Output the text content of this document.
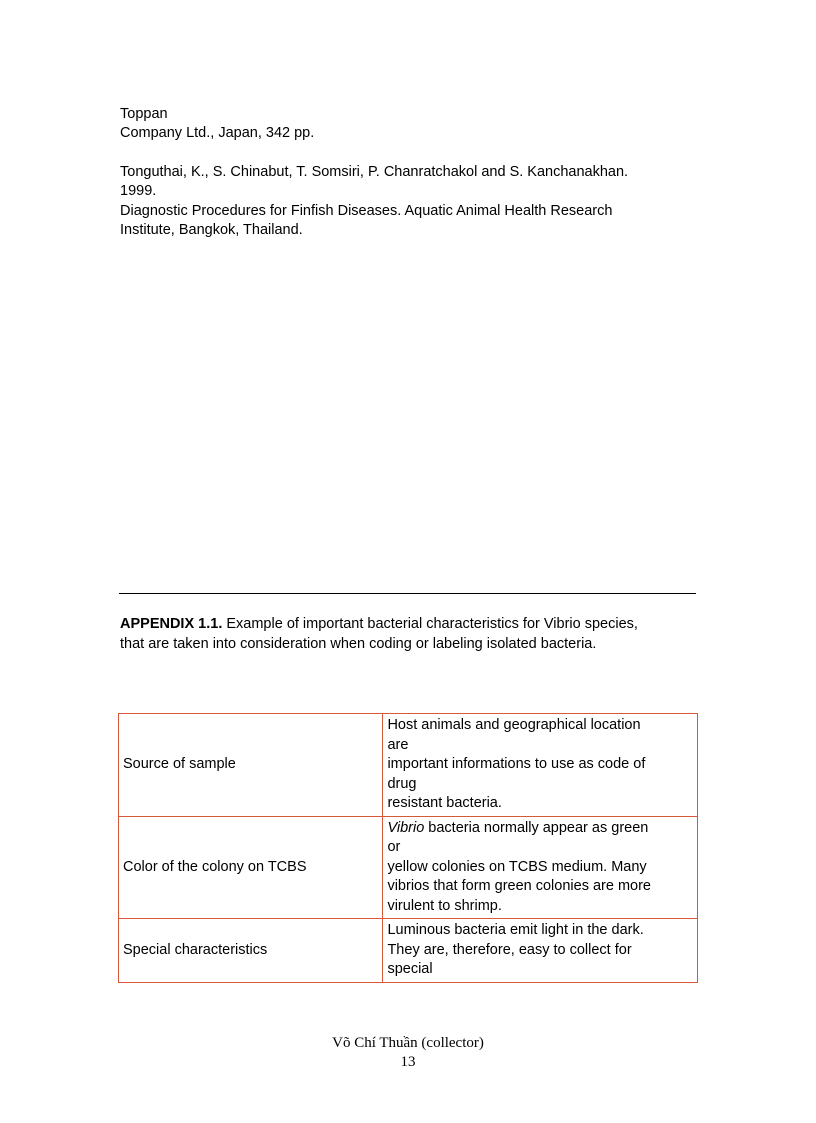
Toppan
Company Ltd., Japan, 342 pp.
Tonguthai, K., S. Chinabut, T. Somsiri, P. Chanratchakol and S. Kanchanakhan.
1999.
Diagnostic Procedures for Finfish Diseases. Aquatic Animal Health Research
Institute, Bangkok, Thailand.
APPENDIX 1.1. Example of important bacterial characteristics for Vibrio species,
that are taken into consideration when coding or labeling isolated bacteria.
Source of sample	Host animals and geographical location
are
important informations to use as code of
drug
resistant bacteria.

Color of the colony on TCBS	Vibrio bacteria normally appear as green
or
yellow colonies on TCBS medium. Many
vibrios that form green colonies are more
virulent to shrimp.

Special characteristics	Luminous bacteria emit light in the dark.
They are, therefore, easy to collect for
special
Võ Chí Thuần (collector)
13
